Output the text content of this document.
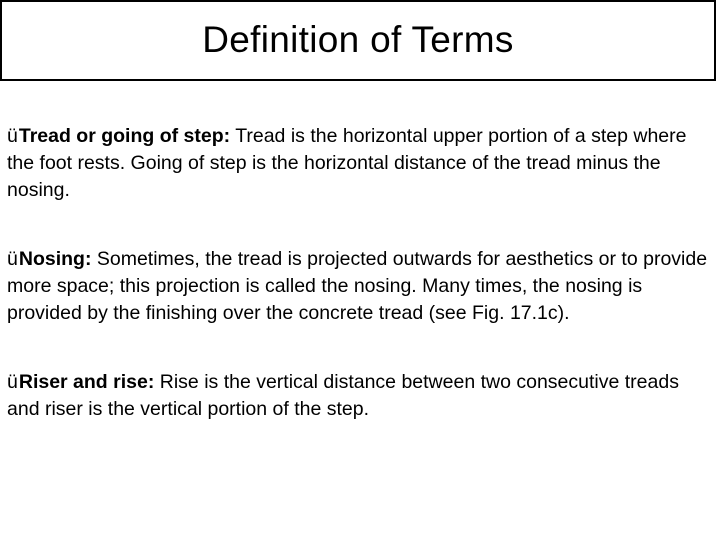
Definition of Terms

üTread or going of step: Tread is the horizontal upper portion of a step where the foot rests. Going of step is the horizontal distance of the tread minus the nosing.

üNosing: Sometimes, the tread is projected outwards for aesthetics or to provide more space; this projection is called the nosing. Many times, the nosing is provided by the finishing over the concrete tread (see Fig. 17.1c).

üRiser and rise: Rise is the vertical distance between two consecutive treads and riser is the vertical portion of the step.
